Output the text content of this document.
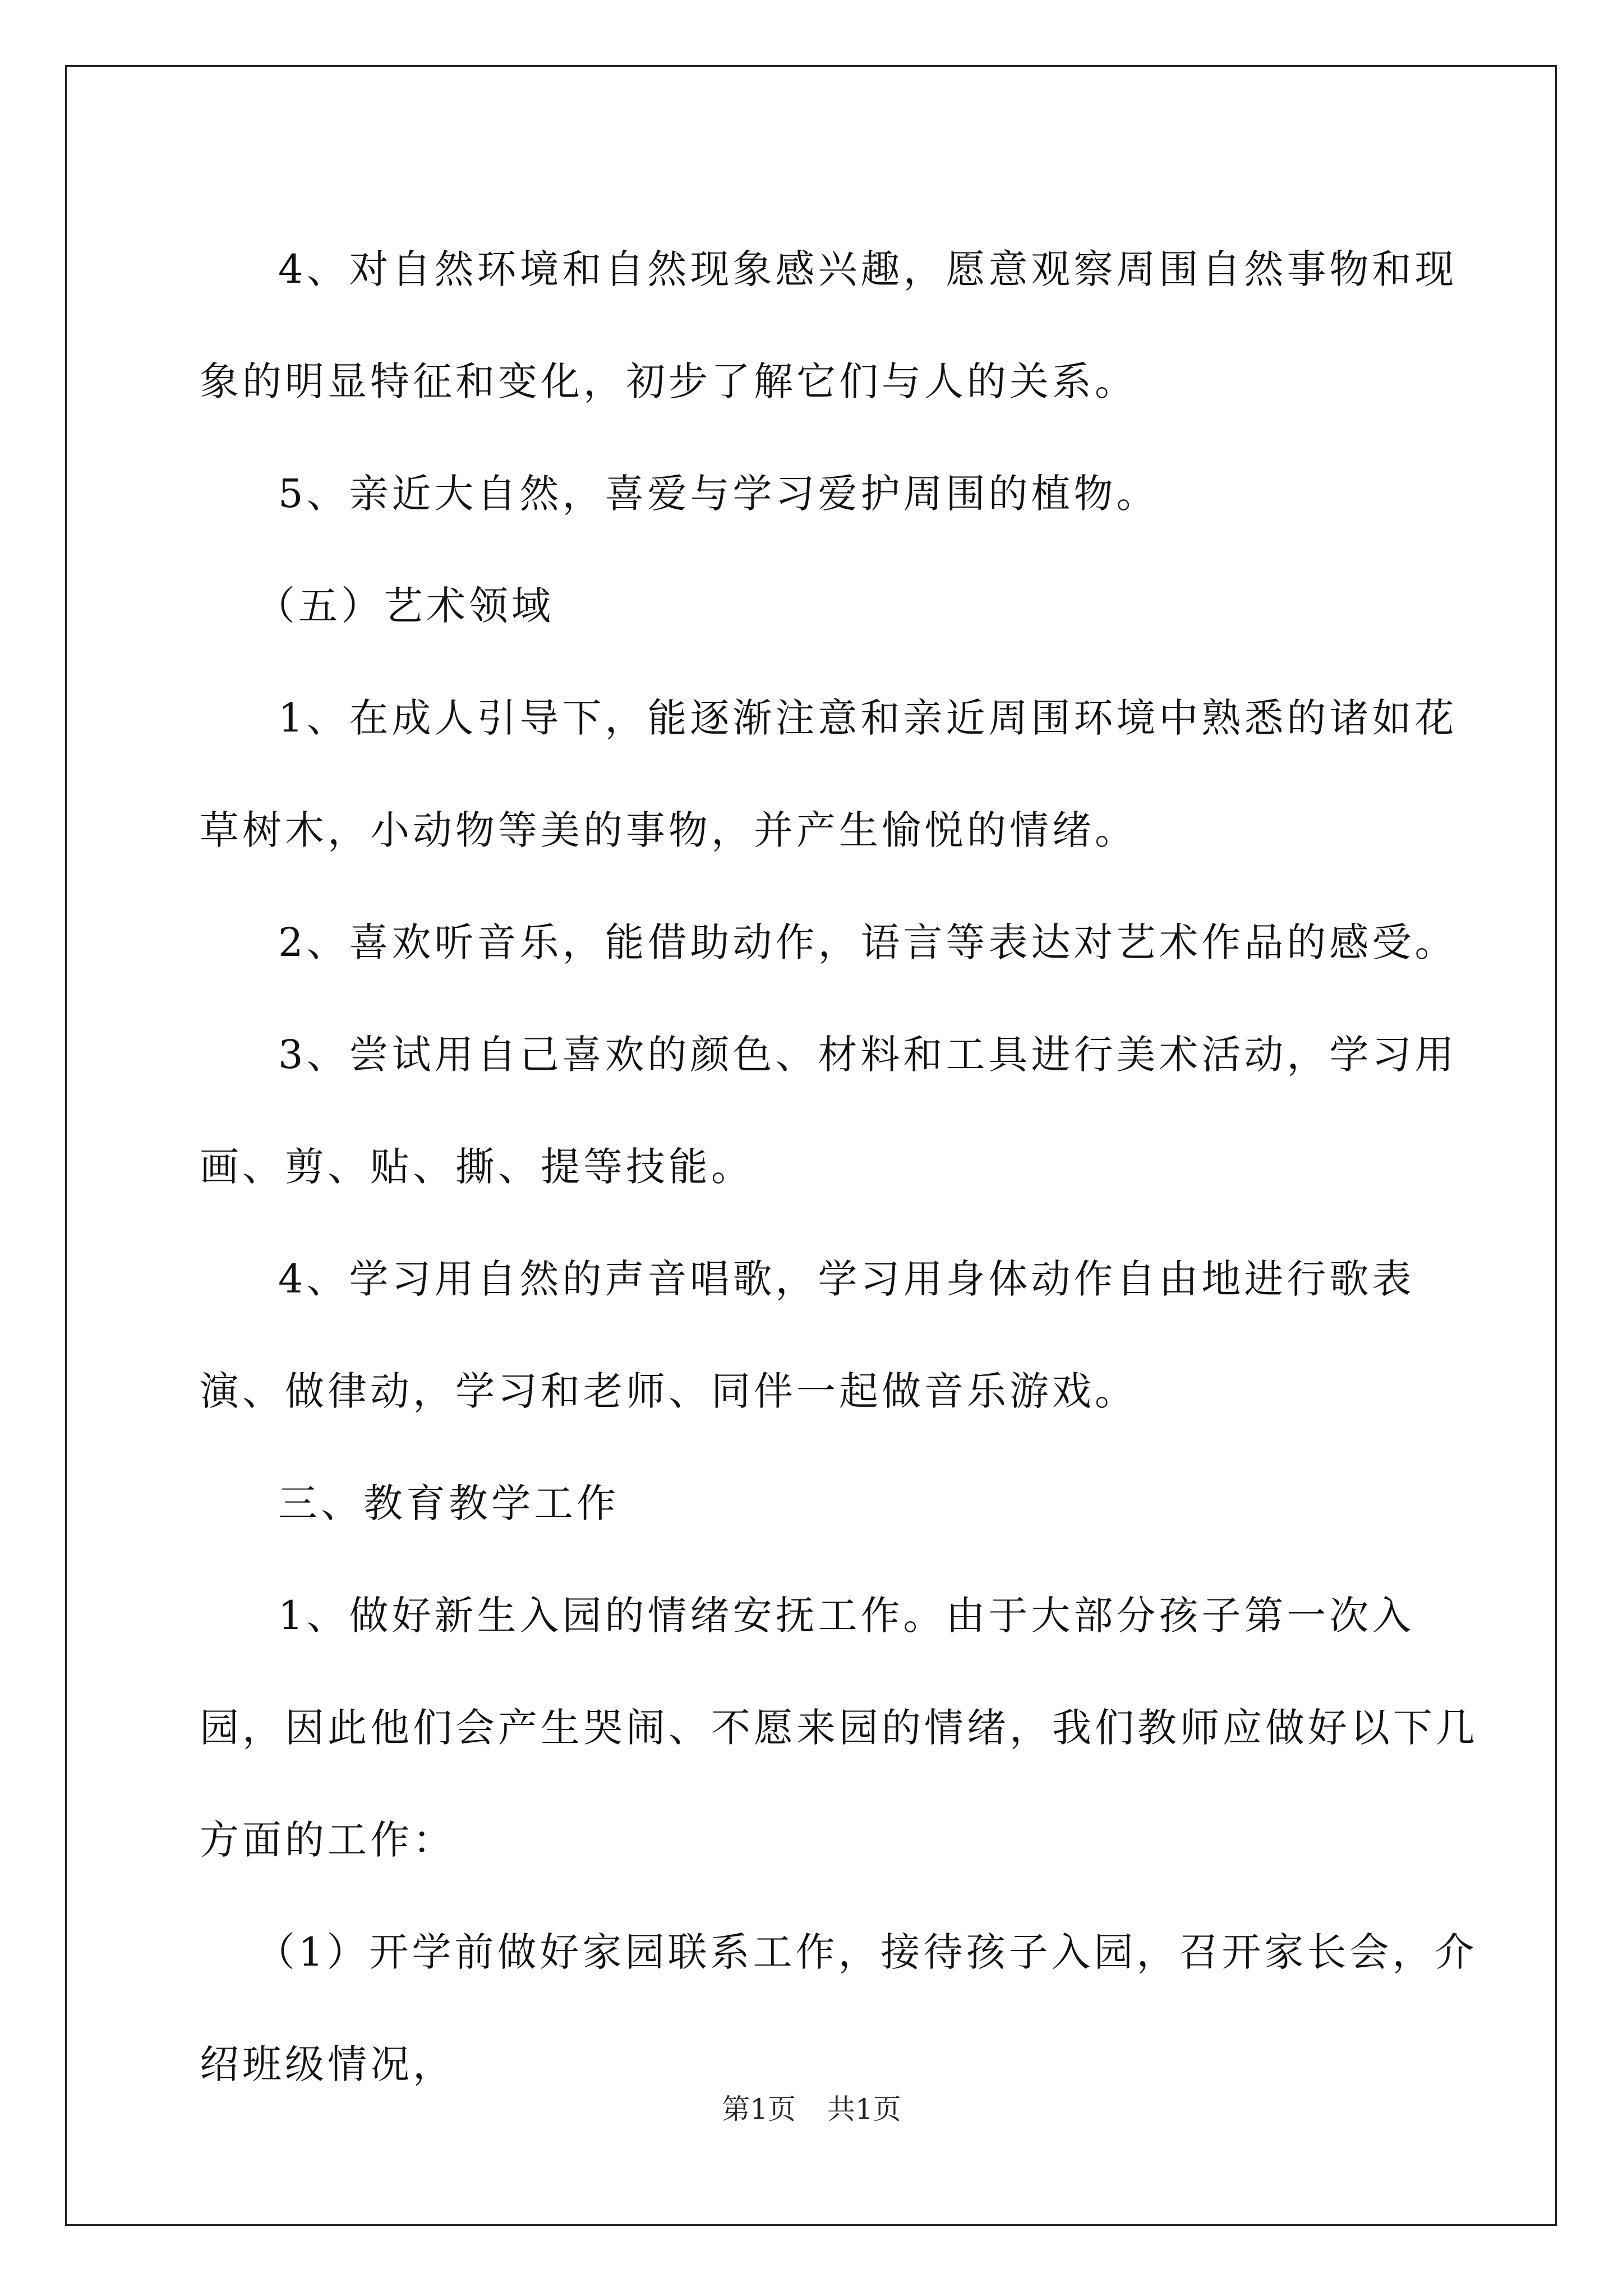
4、对自然环境和自然现象感兴趣，愿意观察周围自然事物和现象的明显特征和变化，初步了解它们与人的关系。

5、亲近大自然，喜爱与学习爱护周围的植物。

（五）艺术领域

1、在成人引导下，能逐渐注意和亲近周围环境中熟悉的诸如花草树木，小动物等美的事物，并产生愉悦的情绪。

2、喜欢听音乐，能借助动作，语言等表达对艺术作品的感受。

3、尝试用自己喜欢的颜色、材料和工具进行美术活动，学习用画、剪、贴、撕、提等技能。

4、学习用自然的声音唱歌，学习用身体动作自由地进行歌表演、做律动，学习和老师、同伴一起做音乐游戏。

三、教育教学工作

1、做好新生入园的情绪安抚工作。由于大部分孩子第一次入园，因此他们会产生哭闹、不愿来园的情绪，我们教师应做好以下几方面的工作：

（1）开学前做好家园联系工作，接待孩子入园，召开家长会，介绍班级情况，

第1页 共1页
